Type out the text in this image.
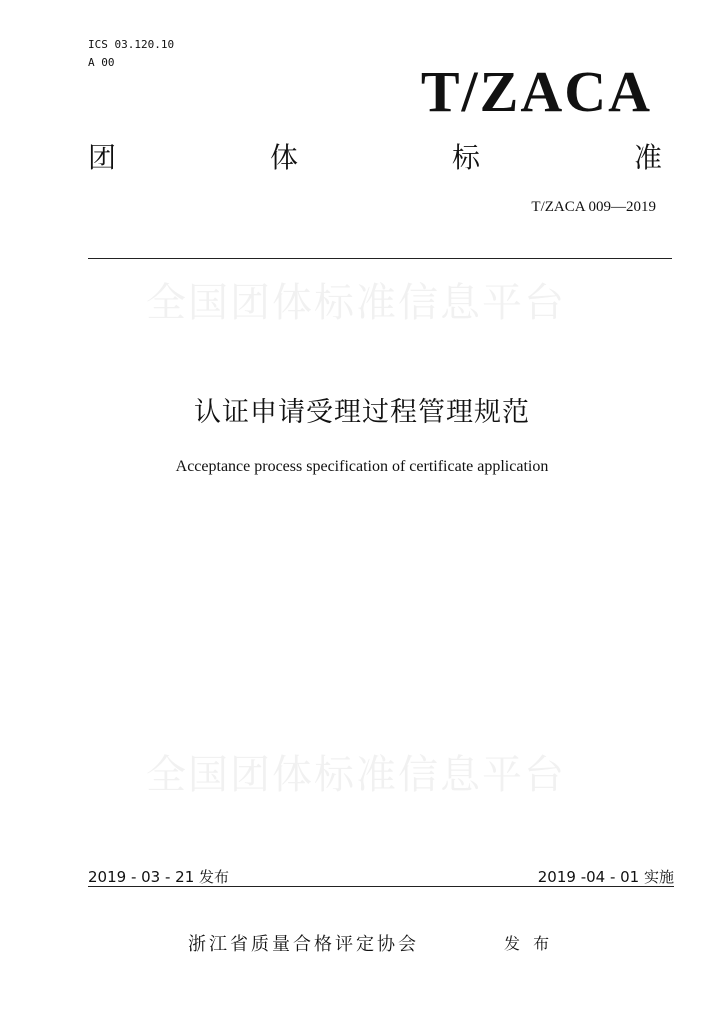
ICS 03.120.10
A 00	T/ZACA
团	体	标	准
T/ZACA 009—2019
全国团体标准信息平台
认证申请受理过程管理规范
Acceptance process specification of certificate application
全国团体标准信息平台
2019 - 03 - 21 发布	2019 -04 - 01 实施
浙江省质量合格评定协会	发 布
